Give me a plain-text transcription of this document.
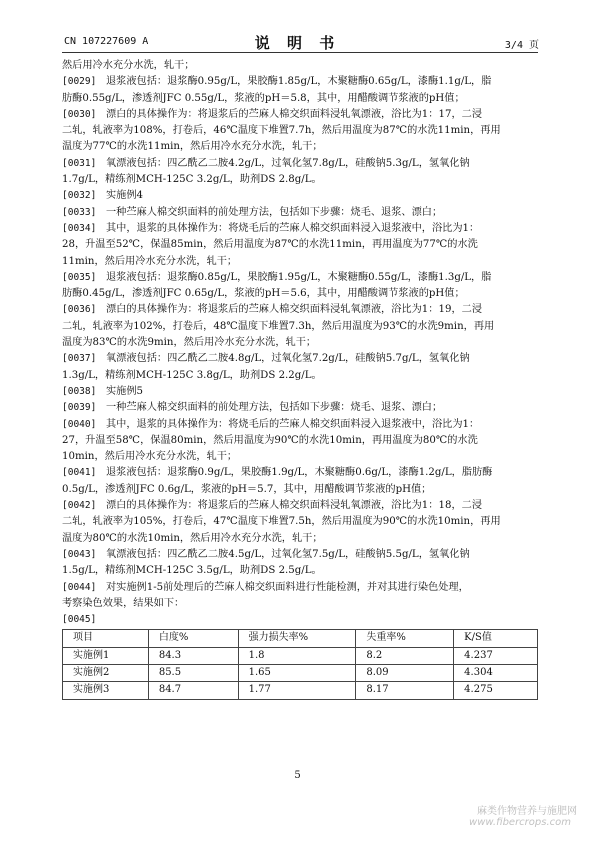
CN 107227609 A	说 明 书	3/4 页
然后用冷水充分水洗，轧干；
[0029] 退浆液包括：退浆酶0.95g/L，果胶酶1.85g/L，木聚糖酶0.65g/L，漆酶1.1g/L，脂
肪酶0.55g/L，渗透剂JFC 0.55g/L，浆液的pH＝5.8，其中，用醋酸调节浆液的pH值；
[0030] 漂白的具体操作为：将退浆后的苎麻人棉交织面料浸轧氧漂液，浴比为1：17，二浸
二轧，轧液率为108%，打卷后，46℃温度下堆置7.7h，然后用温度为87℃的水洗11min，再用
温度为77℃的水洗11min，然后用冷水充分水洗，轧干；
[0031] 氧漂液包括：四乙酰乙二胺4.2g/L，过氧化氢7.8g/L，硅酸钠5.3g/L，氢氧化钠
1.7g/L，精练剂MCH-125C 3.2g/L，助剂DS 2.8g/L。
[0032] 实施例4
[0033] 一种苎麻人棉交织面料的前处理方法，包括如下步骤：烧毛、退浆、漂白；
[0034] 其中，退浆的具体操作为：将烧毛后的苎麻人棉交织面料浸入退浆液中，浴比为1：
28，升温至52℃，保温85min，然后用温度为87℃的水洗11min，再用温度为77℃的水洗
11min，然后用冷水充分水洗，轧干；
[0035] 退浆液包括：退浆酶0.85g/L，果胶酶1.95g/L，木聚糖酶0.55g/L，漆酶1.3g/L，脂
肪酶0.45g/L，渗透剂JFC 0.65g/L，浆液的pH＝5.6，其中，用醋酸调节浆液的pH值；
[0036] 漂白的具体操作为：将退浆后的苎麻人棉交织面料浸轧氧漂液，浴比为1：19，二浸
二轧，轧液率为102%，打卷后，48℃温度下堆置7.3h，然后用温度为93℃的水洗9min，再用
温度为83℃的水洗9min，然后用冷水充分水洗，轧干；
[0037] 氧漂液包括：四乙酰乙二胺4.8g/L，过氧化氢7.2g/L，硅酸钠5.7g/L，氢氧化钠
1.3g/L，精练剂MCH-125C 3.8g/L，助剂DS 2.2g/L。
[0038] 实施例5
[0039] 一种苎麻人棉交织面料的前处理方法，包括如下步骤：烧毛、退浆、漂白；
[0040] 其中，退浆的具体操作为：将烧毛后的苎麻人棉交织面料浸入退浆液中，浴比为1：
27，升温至58℃，保温80min，然后用温度为90℃的水洗10min，再用温度为80℃的水洗
10min，然后用冷水充分水洗，轧干；
[0041] 退浆液包括：退浆酶0.9g/L，果胶酶1.9g/L，木聚糖酶0.6g/L，漆酶1.2g/L，脂肪酶
0.5g/L，渗透剂JFC 0.6g/L，浆液的pH＝5.7，其中，用醋酸调节浆液的pH值；
[0042] 漂白的具体操作为：将退浆后的苎麻人棉交织面料浸轧氧漂液，浴比为1：18，二浸
二轧，轧液率为105%，打卷后，47℃温度下堆置7.5h，然后用温度为90℃的水洗10min，再用
温度为80℃的水洗10min，然后用冷水充分水洗，轧干；
[0043] 氧漂液包括：四乙酰乙二胺4.5g/L，过氧化氢7.5g/L，硅酸钠5.5g/L，氢氧化钠
1.5g/L，精练剂MCH-125C 3.5g/L，助剂DS 2.5g/L。
[0044] 对实施例1-5前处理后的苎麻人棉交织面料进行性能检测，并对其进行染色处理，
考察染色效果，结果如下：
[0045]
项目	白度%	强力损失率%	失重率%	K/S值
实施例1	84.3	1.8	8.2	4.237
实施例2	85.5	1.65	8.09	4.304
实施例3	84.7	1.77	8.17	4.275
5
麻类作物营养与施肥网
www.fibercrops.com
